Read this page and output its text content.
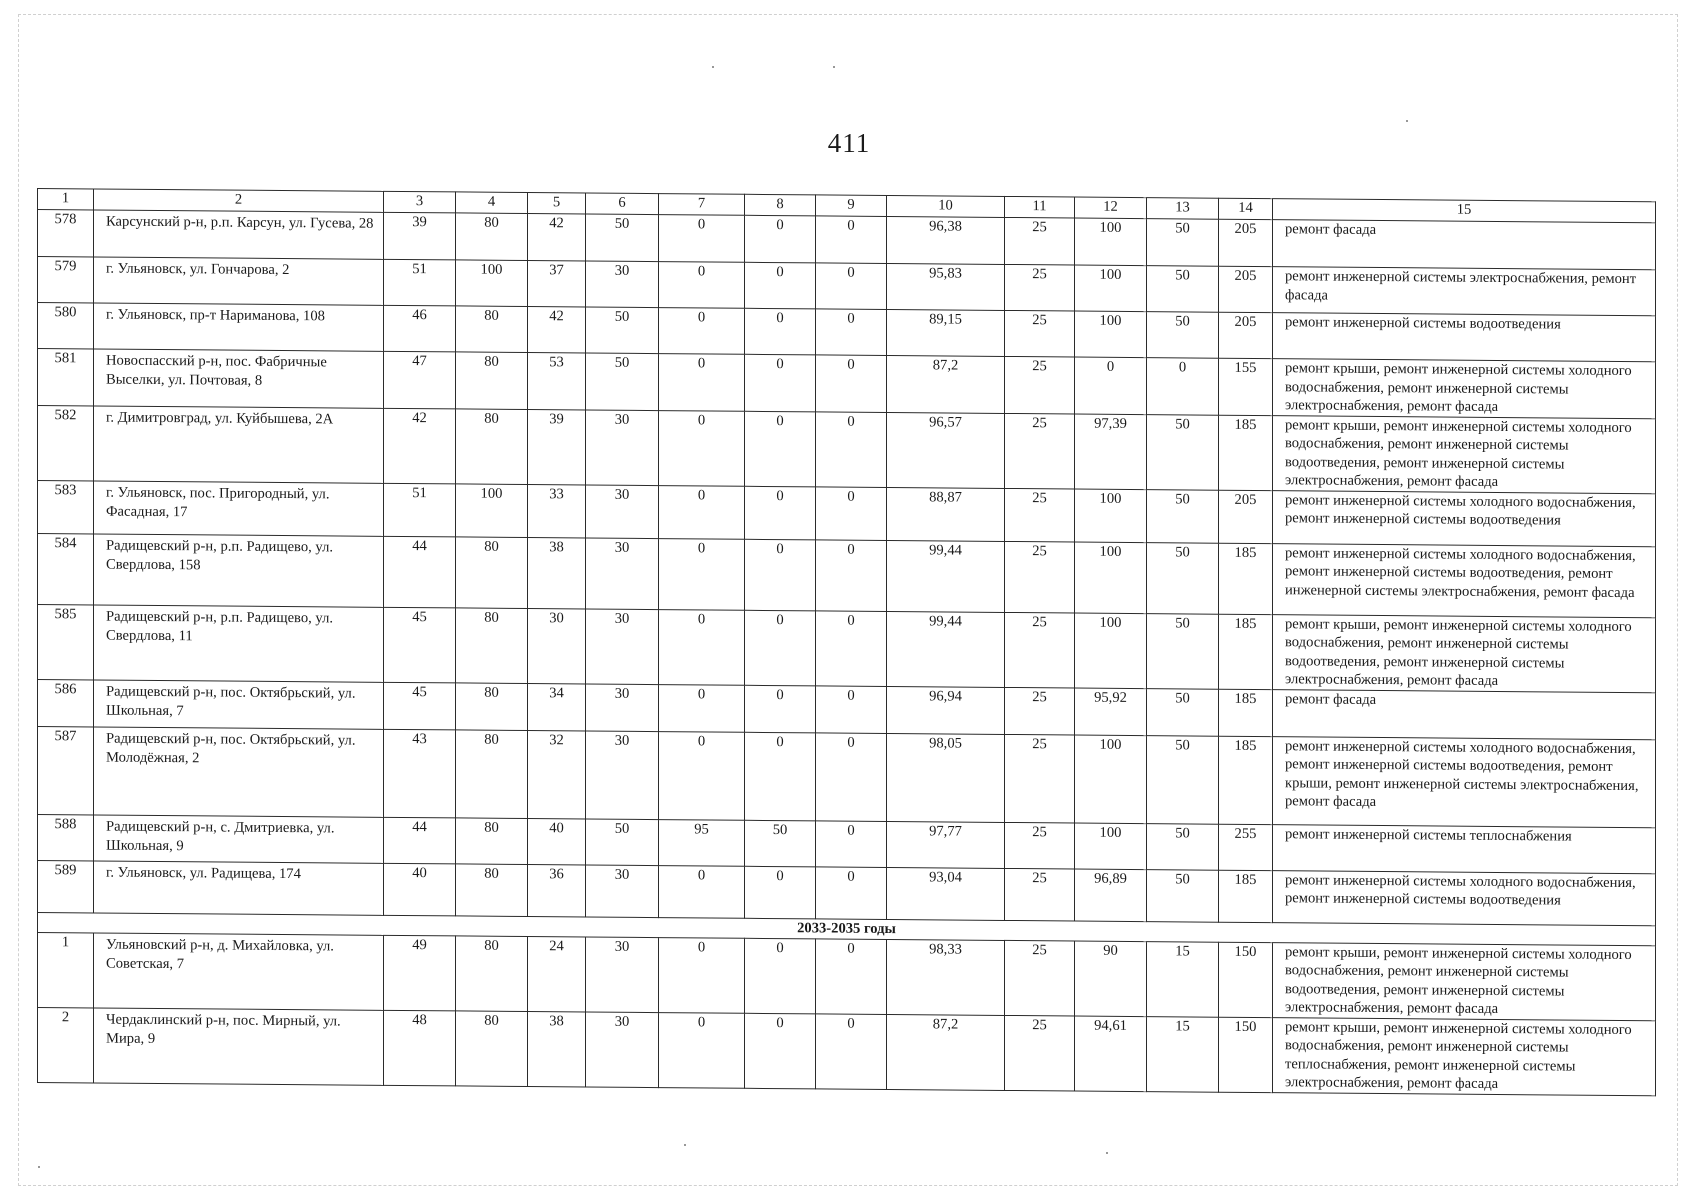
411
1	2	3	4	5	6	7	8	9	10	11	12	13	14	15
578	Карсунский р-н, р.п. Карсун, ул. Гусева, 28	39	80	42	50	0	0	0	96,38	25	100	50	205	ремонт фасада
579	г. Ульяновск, ул. Гончарова, 2	51	100	37	30	0	0	0	95,83	25	100	50	205	ремонт инженерной системы электроснабжения, ремонт фасада
580	г. Ульяновск, пр-т Нариманова, 108	46	80	42	50	0	0	0	89,15	25	100	50	205	ремонт инженерной системы водоотведения
581	Новоспасский р-н, пос. Фабричные Выселки, ул. Почтовая, 8	47	80	53	50	0	0	0	87,2	25	0	0	155	ремонт крыши, ремонт инженерной системы холодного водоснабжения, ремонт инженерной системы электроснабжения, ремонт фасада
582	г. Димитровград, ул. Куйбышева, 2А	42	80	39	30	0	0	0	96,57	25	97,39	50	185	ремонт крыши, ремонт инженерной системы холодного водоснабжения, ремонт инженерной системы водоотведения, ремонт инженерной системы электроснабжения, ремонт фасада
583	г. Ульяновск, пос. Пригородный, ул. Фасадная, 17	51	100	33	30	0	0	0	88,87	25	100	50	205	ремонт инженерной системы холодного водоснабжения, ремонт инженерной системы водоотведения
584	Радищевский р-н, р.п. Радищево, ул. Свердлова, 158	44	80	38	30	0	0	0	99,44	25	100	50	185	ремонт инженерной системы холодного водоснабжения, ремонт инженерной системы водоотведения, ремонт инженерной системы электроснабжения, ремонт фасада
585	Радищевский р-н, р.п. Радищево, ул. Свердлова, 11	45	80	30	30	0	0	0	99,44	25	100	50	185	ремонт крыши, ремонт инженерной системы холодного водоснабжения, ремонт инженерной системы водоотведения, ремонт инженерной системы электроснабжения, ремонт фасада
586	Радищевский р-н, пос. Октябрьский, ул. Школьная, 7	45	80	34	30	0	0	0	96,94	25	95,92	50	185	ремонт фасада
587	Радищевский р-н, пос. Октябрьский, ул. Молодёжная, 2	43	80	32	30	0	0	0	98,05	25	100	50	185	ремонт инженерной системы холодного водоснабжения, ремонт инженерной системы водоотведения, ремонт крыши, ремонт инженерной системы электроснабжения, ремонт фасада
588	Радищевский р-н, с. Дмитриевка, ул. Школьная, 9	44	80	40	50	95	50	0	97,77	25	100	50	255	ремонт инженерной системы теплоснабжения
589	г. Ульяновск, ул. Радищева, 174	40	80	36	30	0	0	0	93,04	25	96,89	50	185	ремонт инженерной системы холодного водоснабжения, ремонт инженерной системы водоотведения
2033-2035 годы														
1	Ульяновский р-н, д. Михайловка, ул. Советская, 7	49	80	24	30	0	0	0	98,33	25	90	15	150	ремонт крыши, ремонт инженерной системы холодного водоснабжения, ремонт инженерной системы водоотведения, ремонт инженерной системы электроснабжения, ремонт фасада
2	Чердаклинский р-н, пос. Мирный, ул. Мира, 9	48	80	38	30	0	0	0	87,2	25	94,61	15	150	ремонт крыши, ремонт инженерной системы холодного водоснабжения, ремонт инженерной системы теплоснабжения, ремонт инженерной системы электроснабжения, ремонт фасада
